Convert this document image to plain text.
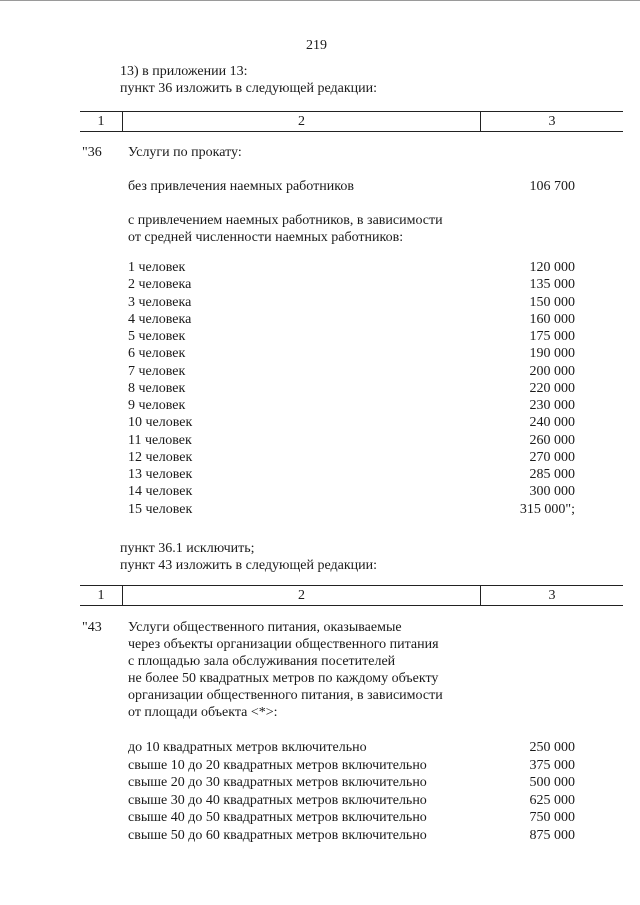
219
13) в приложении 13:
пункт 36 изложить в следующей редакции:
1	2	3
"36 Услуги по прокату:
без привлечения наемных работников	106 700
с привлечением наемных работников, в зависимости
от средней численности наемных работников:
1 человек	120 000
2 человека	135 000
3 человека	150 000
4 человека	160 000
5 человек	175 000
6 человек	190 000
7 человек	200 000
8 человек	220 000
9 человек	230 000
10 человек	240 000
11 человек	260 000
12 человек	270 000
13 человек	285 000
14 человек	300 000
15 человек	315 000";
пункт 36.1 исключить;
пункт 43 изложить в следующей редакции:
1	2	3
"43 Услуги общественного питания, оказываемые
через объекты организации общественного питания
с площадью зала обслуживания посетителей
не более 50 квадратных метров по каждому объекту
организации общественного питания, в зависимости
от площади объекта <*>:
до 10 квадратных метров включительно	250 000
свыше 10 до 20 квадратных метров включительно	375 000
свыше 20 до 30 квадратных метров включительно	500 000
свыше 30 до 40 квадратных метров включительно	625 000
свыше 40 до 50 квадратных метров включительно	750 000
свыше 50 до 60 квадратных метров включительно	875 000
